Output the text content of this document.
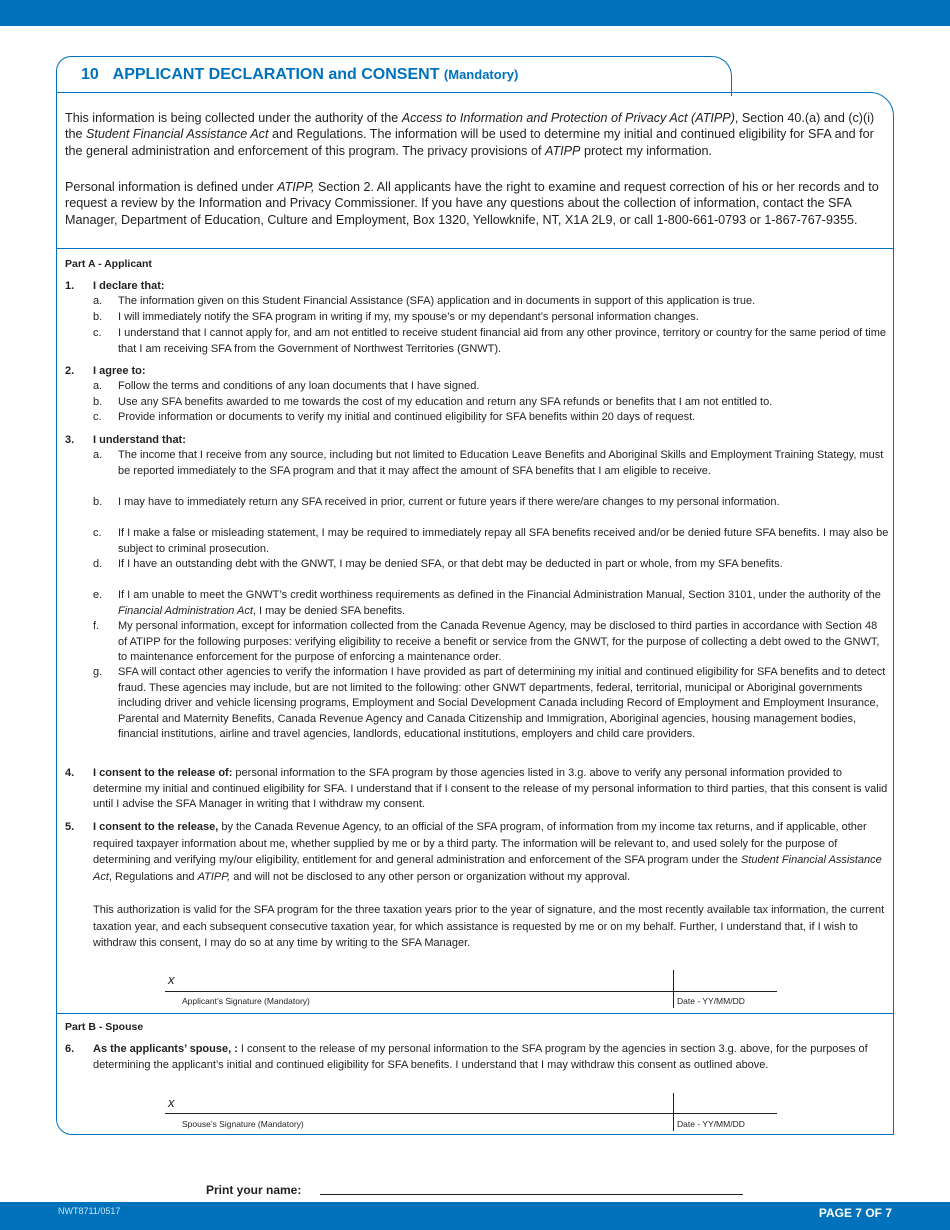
10 APPLICANT DECLARATION and CONSENT (Mandatory)

This information is being collected under the authority of the Access to Information and Protection of Privacy Act (ATIPP), Section 40.(a) and (c)(i) the Student Financial Assistance Act and Regulations. The information will be used to determine my initial and continued eligibility for SFA and for the general administration and enforcement of this program. The privacy provisions of ATIPP protect my information.

Personal information is defined under ATIPP, Section 2. All applicants have the right to examine and request correction of his or her records and to request a review by the Information and Privacy Commissioner. If you have any questions about the collection of information, contact the SFA Manager, Department of Education, Culture and Employment, Box 1320, Yellowknife, NT, X1A 2L9, or call 1-800-661-0793 or 1-867-767-9355.

Part A - Applicant
1. I declare that:
a.	The information given on this Student Financial Assistance (SFA) application and in documents in support of this application is true.
b.	I will immediately notify the SFA program in writing if my, my spouse’s or my dependant’s personal information changes.
c.	I understand that I cannot apply for, and am not entitled to receive student financial aid from any other province, territory or country for the same period of time that I am receiving SFA from the Government of Northwest Territories (GNWT).
2. I agree to:
a.	Follow the terms and conditions of any loan documents that I have signed.
b.	Use any SFA benefits awarded to me towards the cost of my education and return any SFA refunds or benefits that I am not entitled to.
c.	Provide information or documents to verify my initial and continued eligibility for SFA benefits within 20 days of request.
3. I understand that:
a.	The income that I receive from any source, including but not limited to Education Leave Benefits and Aboriginal Skills and Employment Training Stategy, must be reported immediately to the SFA program and that it may affect the amount of SFA benefits that I am eligible to receive.
b.	I may have to immediately return any SFA received in prior, current or future years if there were/are changes to my personal information.
c.	If I make a false or misleading statement, I may be required to immediately repay all SFA benefits received and/or be denied future SFA benefits. I may also be subject to criminal prosecution.
d.	If I have an outstanding debt with the GNWT, I may be denied SFA, or that debt may be deducted in part or whole, from my SFA benefits.
e.	If I am unable to meet the GNWT’s credit worthiness requirements as defined in the Financial Administration Manual, Section 3101, under the authority of the Financial Administration Act, I may be denied SFA benefits.
f.	My personal information, except for information collected from the Canada Revenue Agency, may be disclosed to third parties in accordance with Section 48 of ATIPP for the following purposes: verifying eligibility to receive a benefit or service from the GNWT, for the purpose of collecting a debt owed to the GNWT, to maintenance enforcement for the purpose of enforcing a maintenance order.
g.	SFA will contact other agencies to verify the information I have provided as part of determining my initial and continued eligibility for SFA benefits and to detect fraud. These agencies may include, but are not limited to the following: other GNWT departments, federal, territorial, municipal or Aboriginal governments including driver and vehicle licensing programs, Employment and Social Development Canada including Record of Employment and Employment Insurance, Parental and Maternity Benefits, Canada Revenue Agency and Canada Citizenship and Immigration, Aboriginal agencies, housing management bodies, financial institutions, airline and travel agencies, landlords, educational institutions, employers and child care providers.
4. I consent to the release of: personal information to the SFA program by those agencies listed in 3.g. above to verify any personal information provided to determine my initial and continued eligibility for SFA. I understand that if I consent to the release of my personal information to third parties, that this consent is valid until I advise the SFA Manager in writing that I withdraw my consent.
5. I consent to the release, by the Canada Revenue Agency, to an official of the SFA program, of information from my income tax returns, and if applicable, other required taxpayer information about me, whether supplied by me or by a third party. The information will be relevant to, and used solely for the purpose of determining and verifying my/our eligibility, entitlement for and general administration and enforcement of the SFA program under the Student Financial Assistance Act, Regulations and ATIPP, and will not be disclosed to any other person or organization without my approval.
This authorization is valid for the SFA program for the three taxation years prior to the year of signature, and the most recently available tax information, the current taxation year, and each subsequent consecutive taxation year, for which assistance is requested by me or on my behalf. Further, I understand that, if I wish to withdraw this consent, I may do so at any time by writing to the SFA Manager.
x
Applicant’s Signature (Mandatory)	Date - YY/MM/DD
Part B - Spouse
6. As the applicants’ spouse, : I consent to the release of my personal information to the SFA program by the agencies in section 3.g. above, for the purposes of determining the applicant’s initial and continued eligibility for SFA benefits. I understand that I may withdraw this consent as outlined above.
x
Spouse’s Signature (Mandatory)	Date - YY/MM/DD
Print your name:
NWT8711/0517	PAGE 7 OF 7
